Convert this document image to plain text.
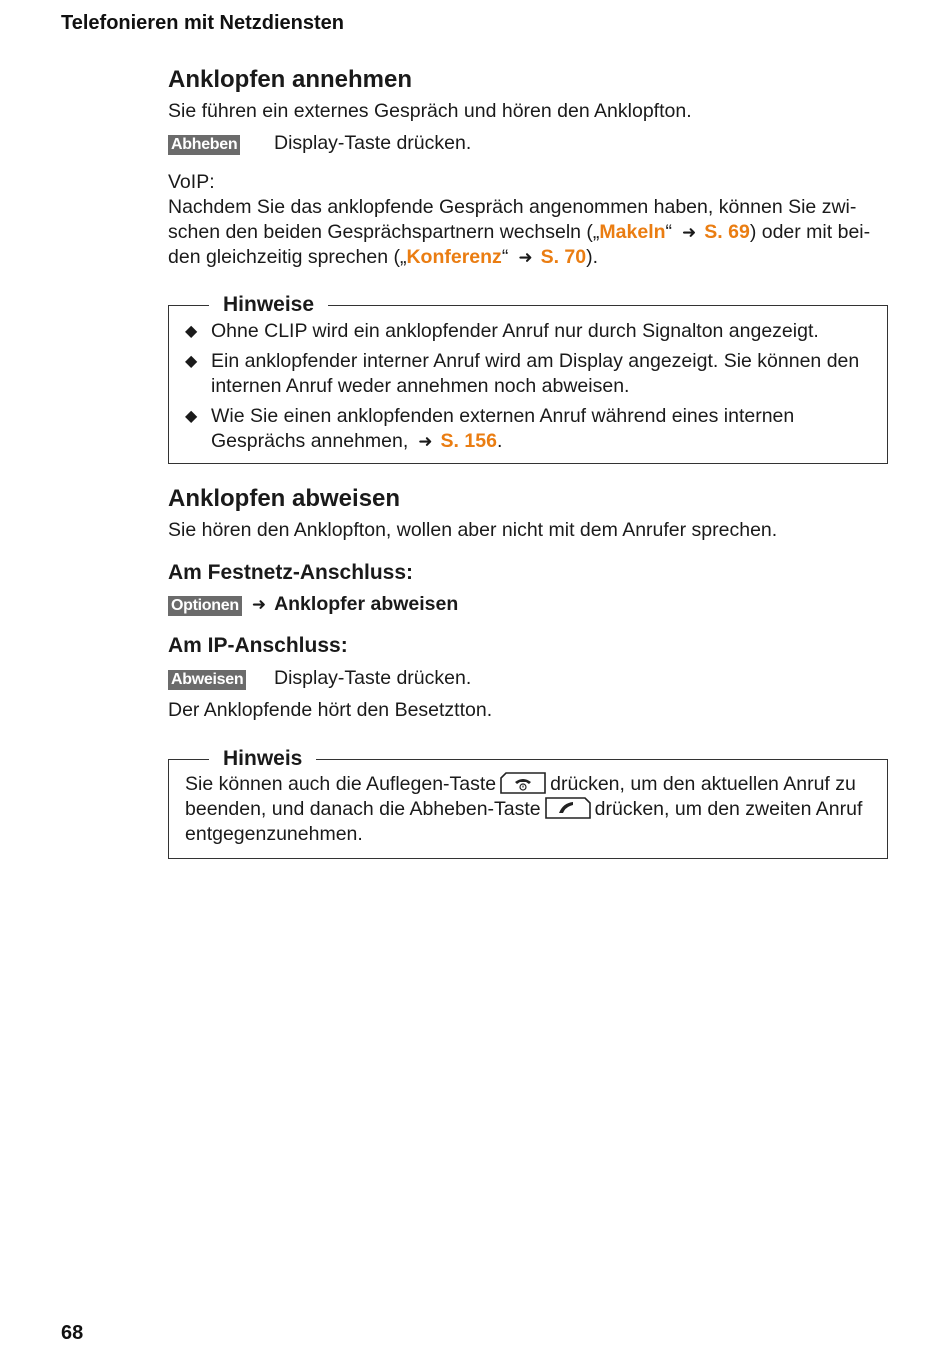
Telefonieren mit Netzdiensten
Anklopfen annehmen
Sie führen ein externes Gespräch und hören den Anklopfton.
Abheben Display-Taste drücken.
VoIP:
Nachdem Sie das anklopfende Gespräch angenommen haben, können Sie zwi-
schen den beiden Gesprächspartnern wechseln („Makeln“ ➜ S. 69) oder mit bei-
den gleichzeitig sprechen („Konferenz“ ➜ S. 70).
Hinweise
◆ Ohne CLIP wird ein anklopfender Anruf nur durch Signalton angezeigt.
◆ Ein anklopfender interner Anruf wird am Display angezeigt. Sie können den
internen Anruf weder annehmen noch abweisen.
◆ Wie Sie einen anklopfenden externen Anruf während eines internen
Gesprächs annehmen, ➜ S. 156.
Anklopfen abweisen
Sie hören den Anklopfton, wollen aber nicht mit dem Anrufer sprechen.
Am Festnetz-Anschluss:
Optionen ➜ Anklopfer abweisen
Am IP-Anschluss:
Abweisen Display-Taste drücken.
Der Anklopfende hört den Besetztton.
Hinweis
Sie können auch die Auflegen-Taste	drücken, um den aktuellen Anruf zu
beenden, und danach die Abheben-Taste	drücken, um den zweiten Anruf
entgegenzunehmen.
68
